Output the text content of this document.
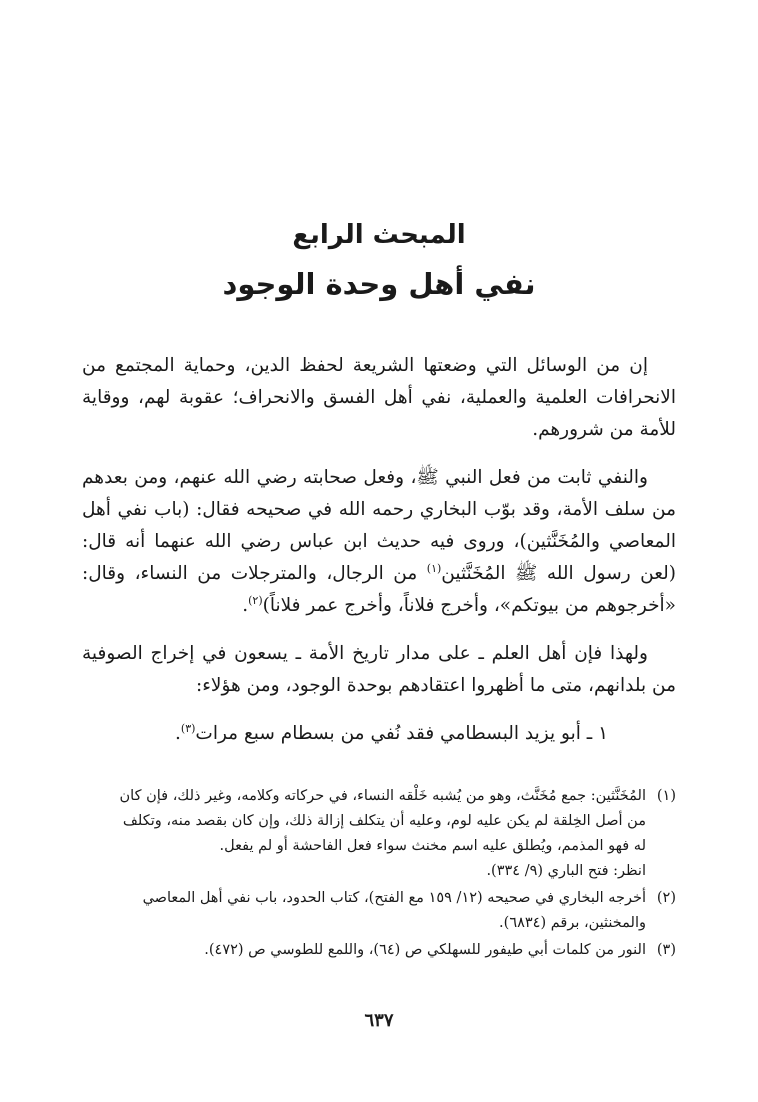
المبحث الرابع
نفي أهل وحدة الوجود

إن من الوسائل التي وضعتها الشريعة لحفظ الدين، وحماية المجتمع من الانحرافات العلمية والعملية، نفي أهل الفسق والانحراف؛ عقوبة لهم، ووقاية للأمة من شرورهم.

والنفي ثابت من فعل النبي ﷺ، وفعل صحابته رضي الله عنهم، ومن بعدهم من سلف الأمة، وقد بوّب البخاري رحمه الله في صحيحه فقال: (باب نفي أهل المعاصي والمُخَنَّثين)، وروى فيه حديث ابن عباس رضي الله عنهما أنه قال: (لعن رسول الله ﷺ المُخَنَّثين$^{(١)}$ من الرجال، والمترجلات من النساء، وقال: «أخرجوهم من بيوتكم»، وأخرج فلاناً، وأخرج عمر فلاناً)$^{(٢)}$.

ولهذا فإن أهل العلم ـ على مدار تاريخ الأمة ـ يسعون في إخراج الصوفية من بلدانهم، متى ما أظهروا اعتقادهم بوحدة الوجود، ومن هؤلاء:

١ ـ أبو يزيد البسطامي فقد نُفي من بسطام سبع مرات$^{(٣)}$.

(١)
المُخَنَّثين: جمع مُخَنَّث، وهو من يُشبه خَلْقه النساء، في حركاته وكلامه، وغير ذلك، فإن كان
من أصل الخِلقة لم يكن عليه لوم، وعليه أن يتكلف إزالة ذلك، وإن كان بقصد منه، وتكلف
له فهو المذمم، ويُطلق عليه اسم مخنث سواء فعل الفاحشة أو لم يفعل.
انظر: فتح الباري (٩/ ٣٣٤).
(٢)
أخرجه البخاري في صحيحه (١٢/ ١٥٩ مع الفتح)، كتاب الحدود، باب نفي أهل المعاصي
والمخنثين، برقم (٦٨٣٤).
(٣)
النور من كلمات أبي طيفور للسهلكي ص (٦٤)، واللمع للطوسي ص (٤٧٢).
٦٣٧
